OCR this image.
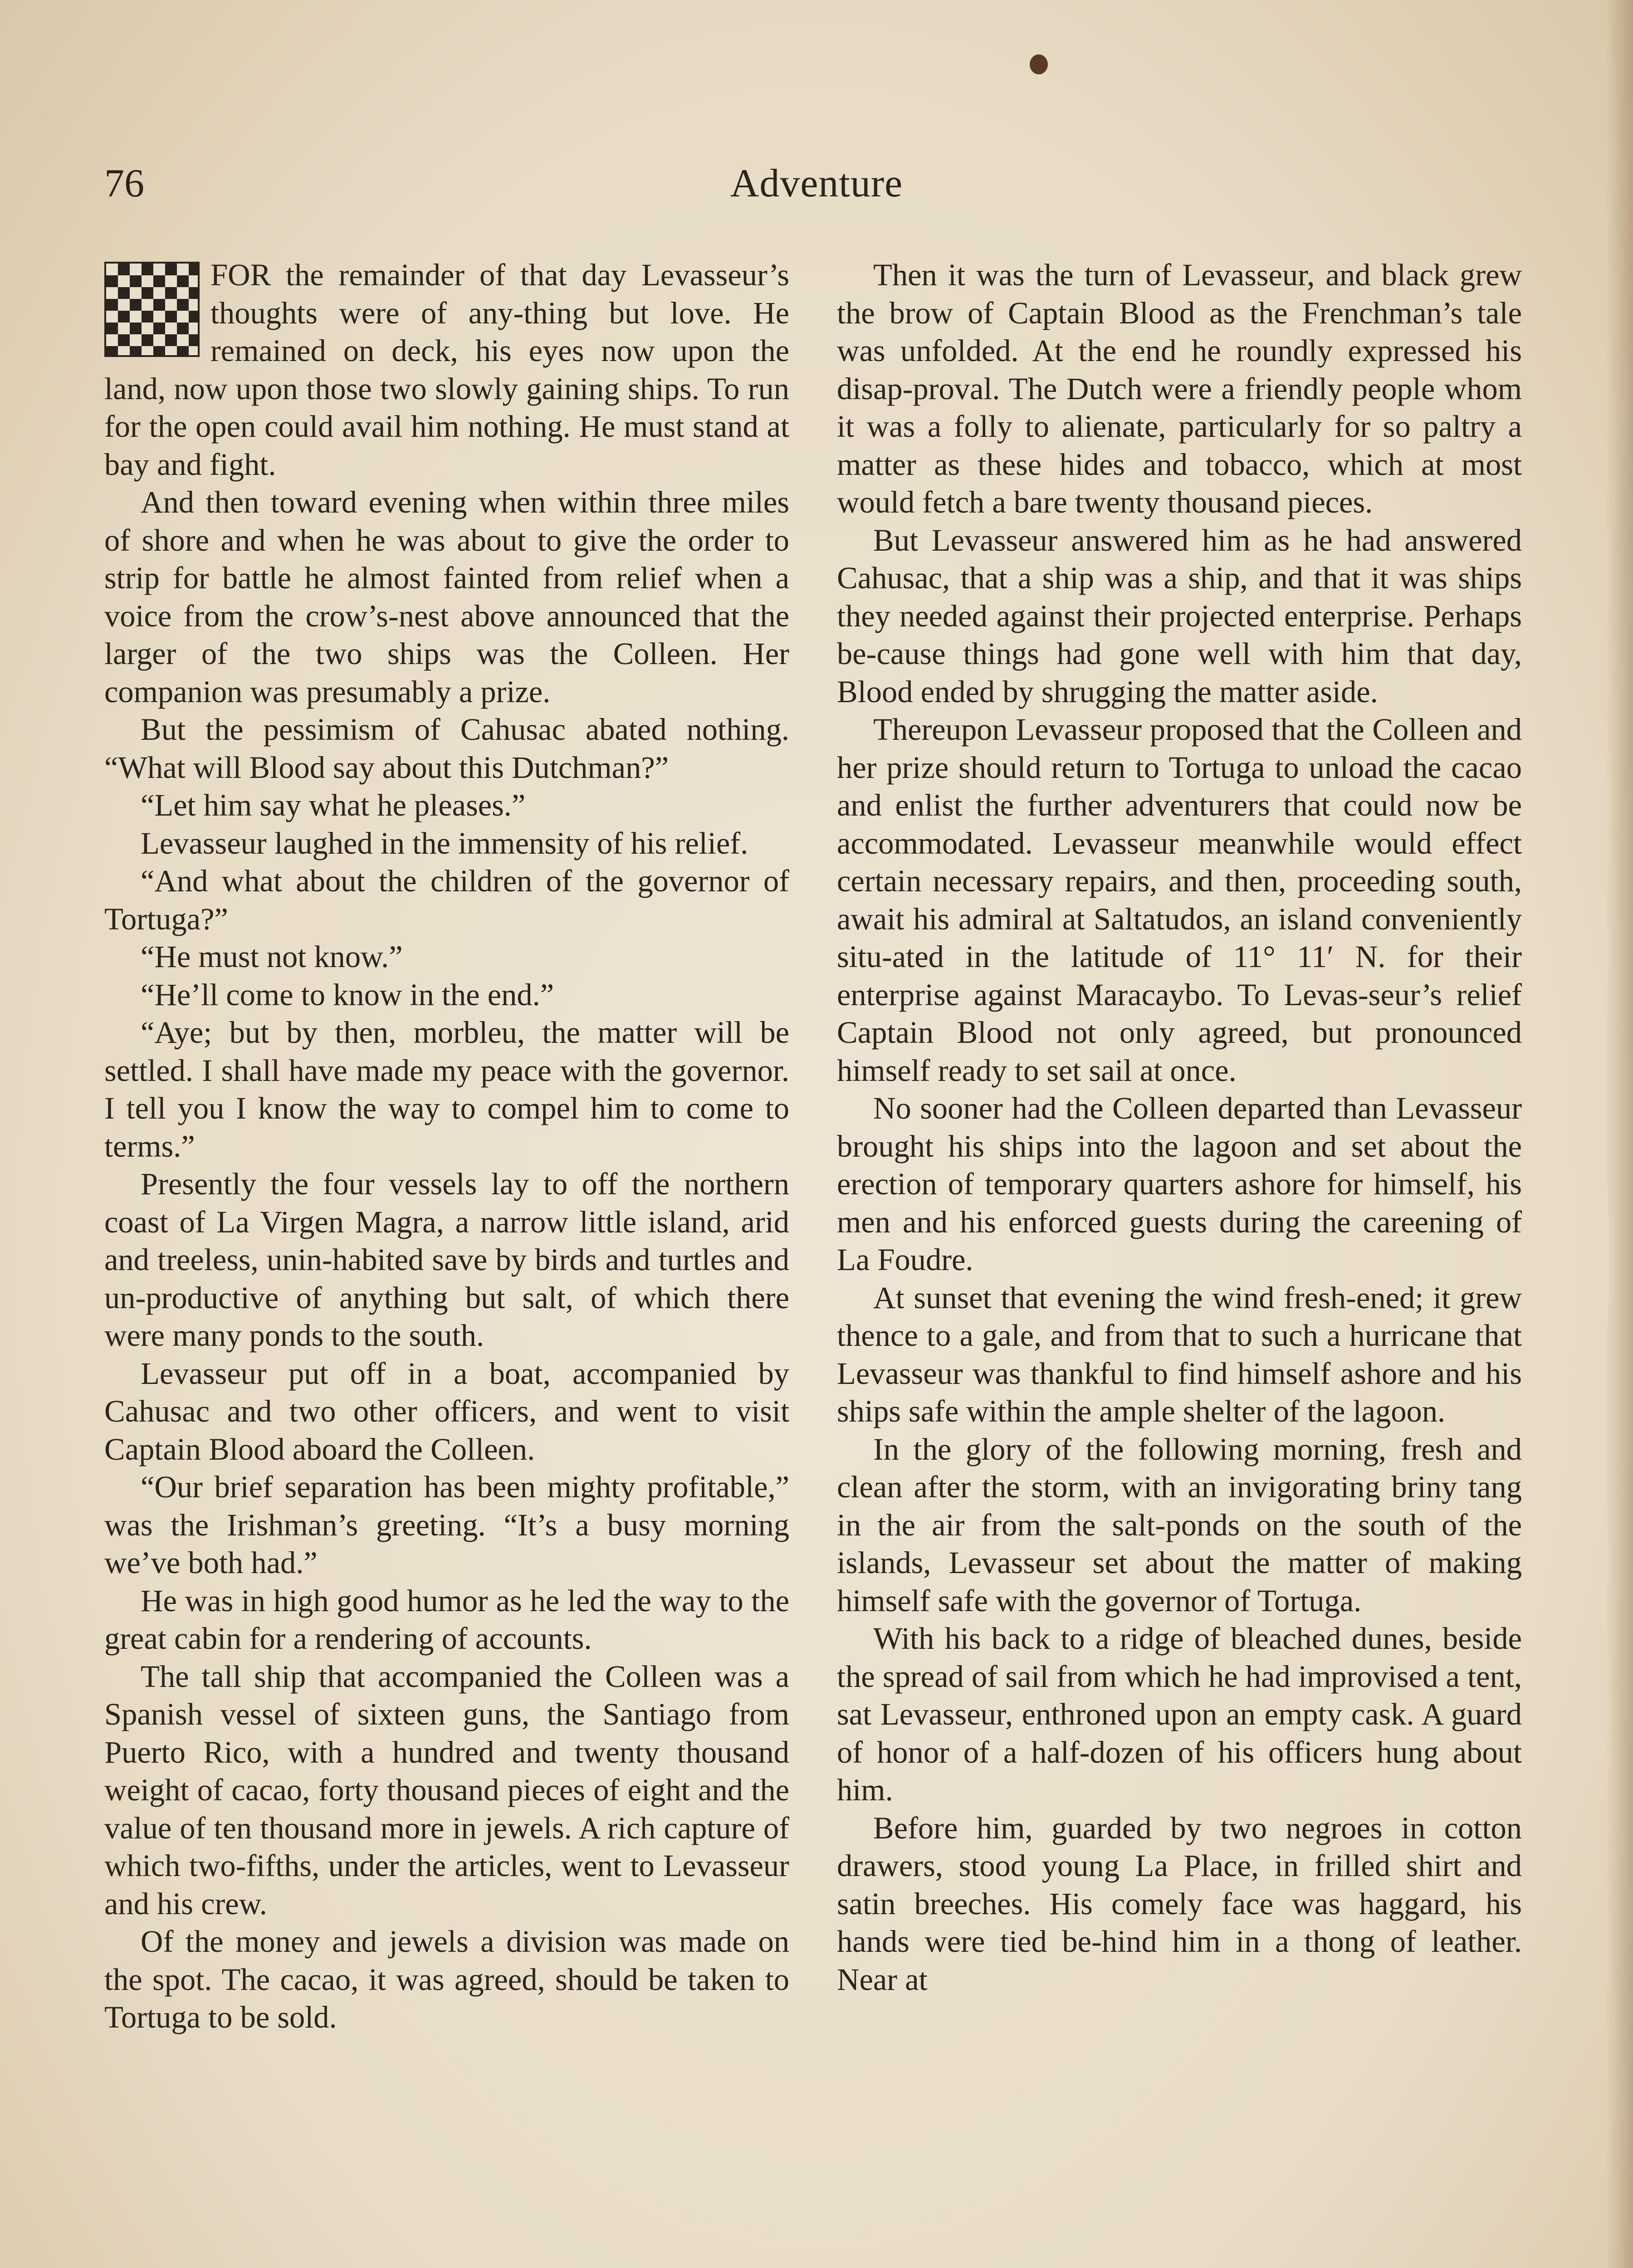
76	Adventure

FOR the remainder of that day Levasseur’s thoughts were of any-thing but love. He remained on deck, his eyes now upon the land, now upon those two slowly gaining ships. To run for the open could avail him nothing. He must stand at bay and fight.

And then toward evening when within three miles of shore and when he was about to give the order to strip for battle he almost fainted from relief when a voice from the crow’s-nest above announced that the larger of the two ships was the Colleen. Her companion was presumably a prize.

But the pessimism of Cahusac abated nothing. “What will Blood say about this Dutchman?”

“Let him say what he pleases.”

Levasseur laughed in the immensity of his relief.

“And what about the children of the governor of Tortuga?”

“He must not know.”

“He’ll come to know in the end.”

“Aye; but by then, morbleu, the matter will be settled. I shall have made my peace with the governor. I tell you I know the way to compel him to come to terms.”

Presently the four vessels lay to off the northern coast of La Virgen Magra, a narrow little island, arid and treeless, unin-habited save by birds and turtles and un-productive of anything but salt, of which there were many ponds to the south.

Levasseur put off in a boat, accompanied by Cahusac and two other officers, and went to visit Captain Blood aboard the Colleen.

“Our brief separation has been mighty profitable,” was the Irishman’s greeting. “It’s a busy morning we’ve both had.”

He was in high good humor as he led the way to the great cabin for a rendering of accounts.

The tall ship that accompanied the Colleen was a Spanish vessel of sixteen guns, the Santiago from Puerto Rico, with a hundred and twenty thousand weight of cacao, forty thousand pieces of eight and the value of ten thousand more in jewels. A rich capture of which two-fifths, under the articles, went to Levasseur and his crew.

Of the money and jewels a division was made on the spot. The cacao, it was agreed, should be taken to Tortuga to be sold.

Then it was the turn of Levasseur, and black grew the brow of Captain Blood as the Frenchman’s tale was unfolded. At the end he roundly expressed his disap-proval. The Dutch were a friendly people whom it was a folly to alienate, particularly for so paltry a matter as these hides and tobacco, which at most would fetch a bare twenty thousand pieces.

But Levasseur answered him as he had answered Cahusac, that a ship was a ship, and that it was ships they needed against their projected enterprise. Perhaps be-cause things had gone well with him that day, Blood ended by shrugging the matter aside.

Thereupon Levasseur proposed that the Colleen and her prize should return to Tortuga to unload the cacao and enlist the further adventurers that could now be accommodated. Levasseur meanwhile would effect certain necessary repairs, and then, proceeding south, await his admiral at Saltatudos, an island conveniently situ-ated in the latitude of 11° 11′ N. for their enterprise against Maracaybo. To Levas-seur’s relief Captain Blood not only agreed, but pronounced himself ready to set sail at once.

No sooner had the Colleen departed than Levasseur brought his ships into the lagoon and set about the erection of temporary quarters ashore for himself, his men and his enforced guests during the careening of La Foudre.

At sunset that evening the wind fresh-ened; it grew thence to a gale, and from that to such a hurricane that Levasseur was thankful to find himself ashore and his ships safe within the ample shelter of the lagoon.

In the glory of the following morning, fresh and clean after the storm, with an invigorating briny tang in the air from the salt-ponds on the south of the islands, Levasseur set about the matter of making himself safe with the governor of Tortuga.

With his back to a ridge of bleached dunes, beside the spread of sail from which he had improvised a tent, sat Levasseur, enthroned upon an empty cask. A guard of honor of a half-dozen of his officers hung about him.

Before him, guarded by two negroes in cotton drawers, stood young La Place, in frilled shirt and satin breeches. His comely face was haggard, his hands were tied be-hind him in a thong of leather. Near at
